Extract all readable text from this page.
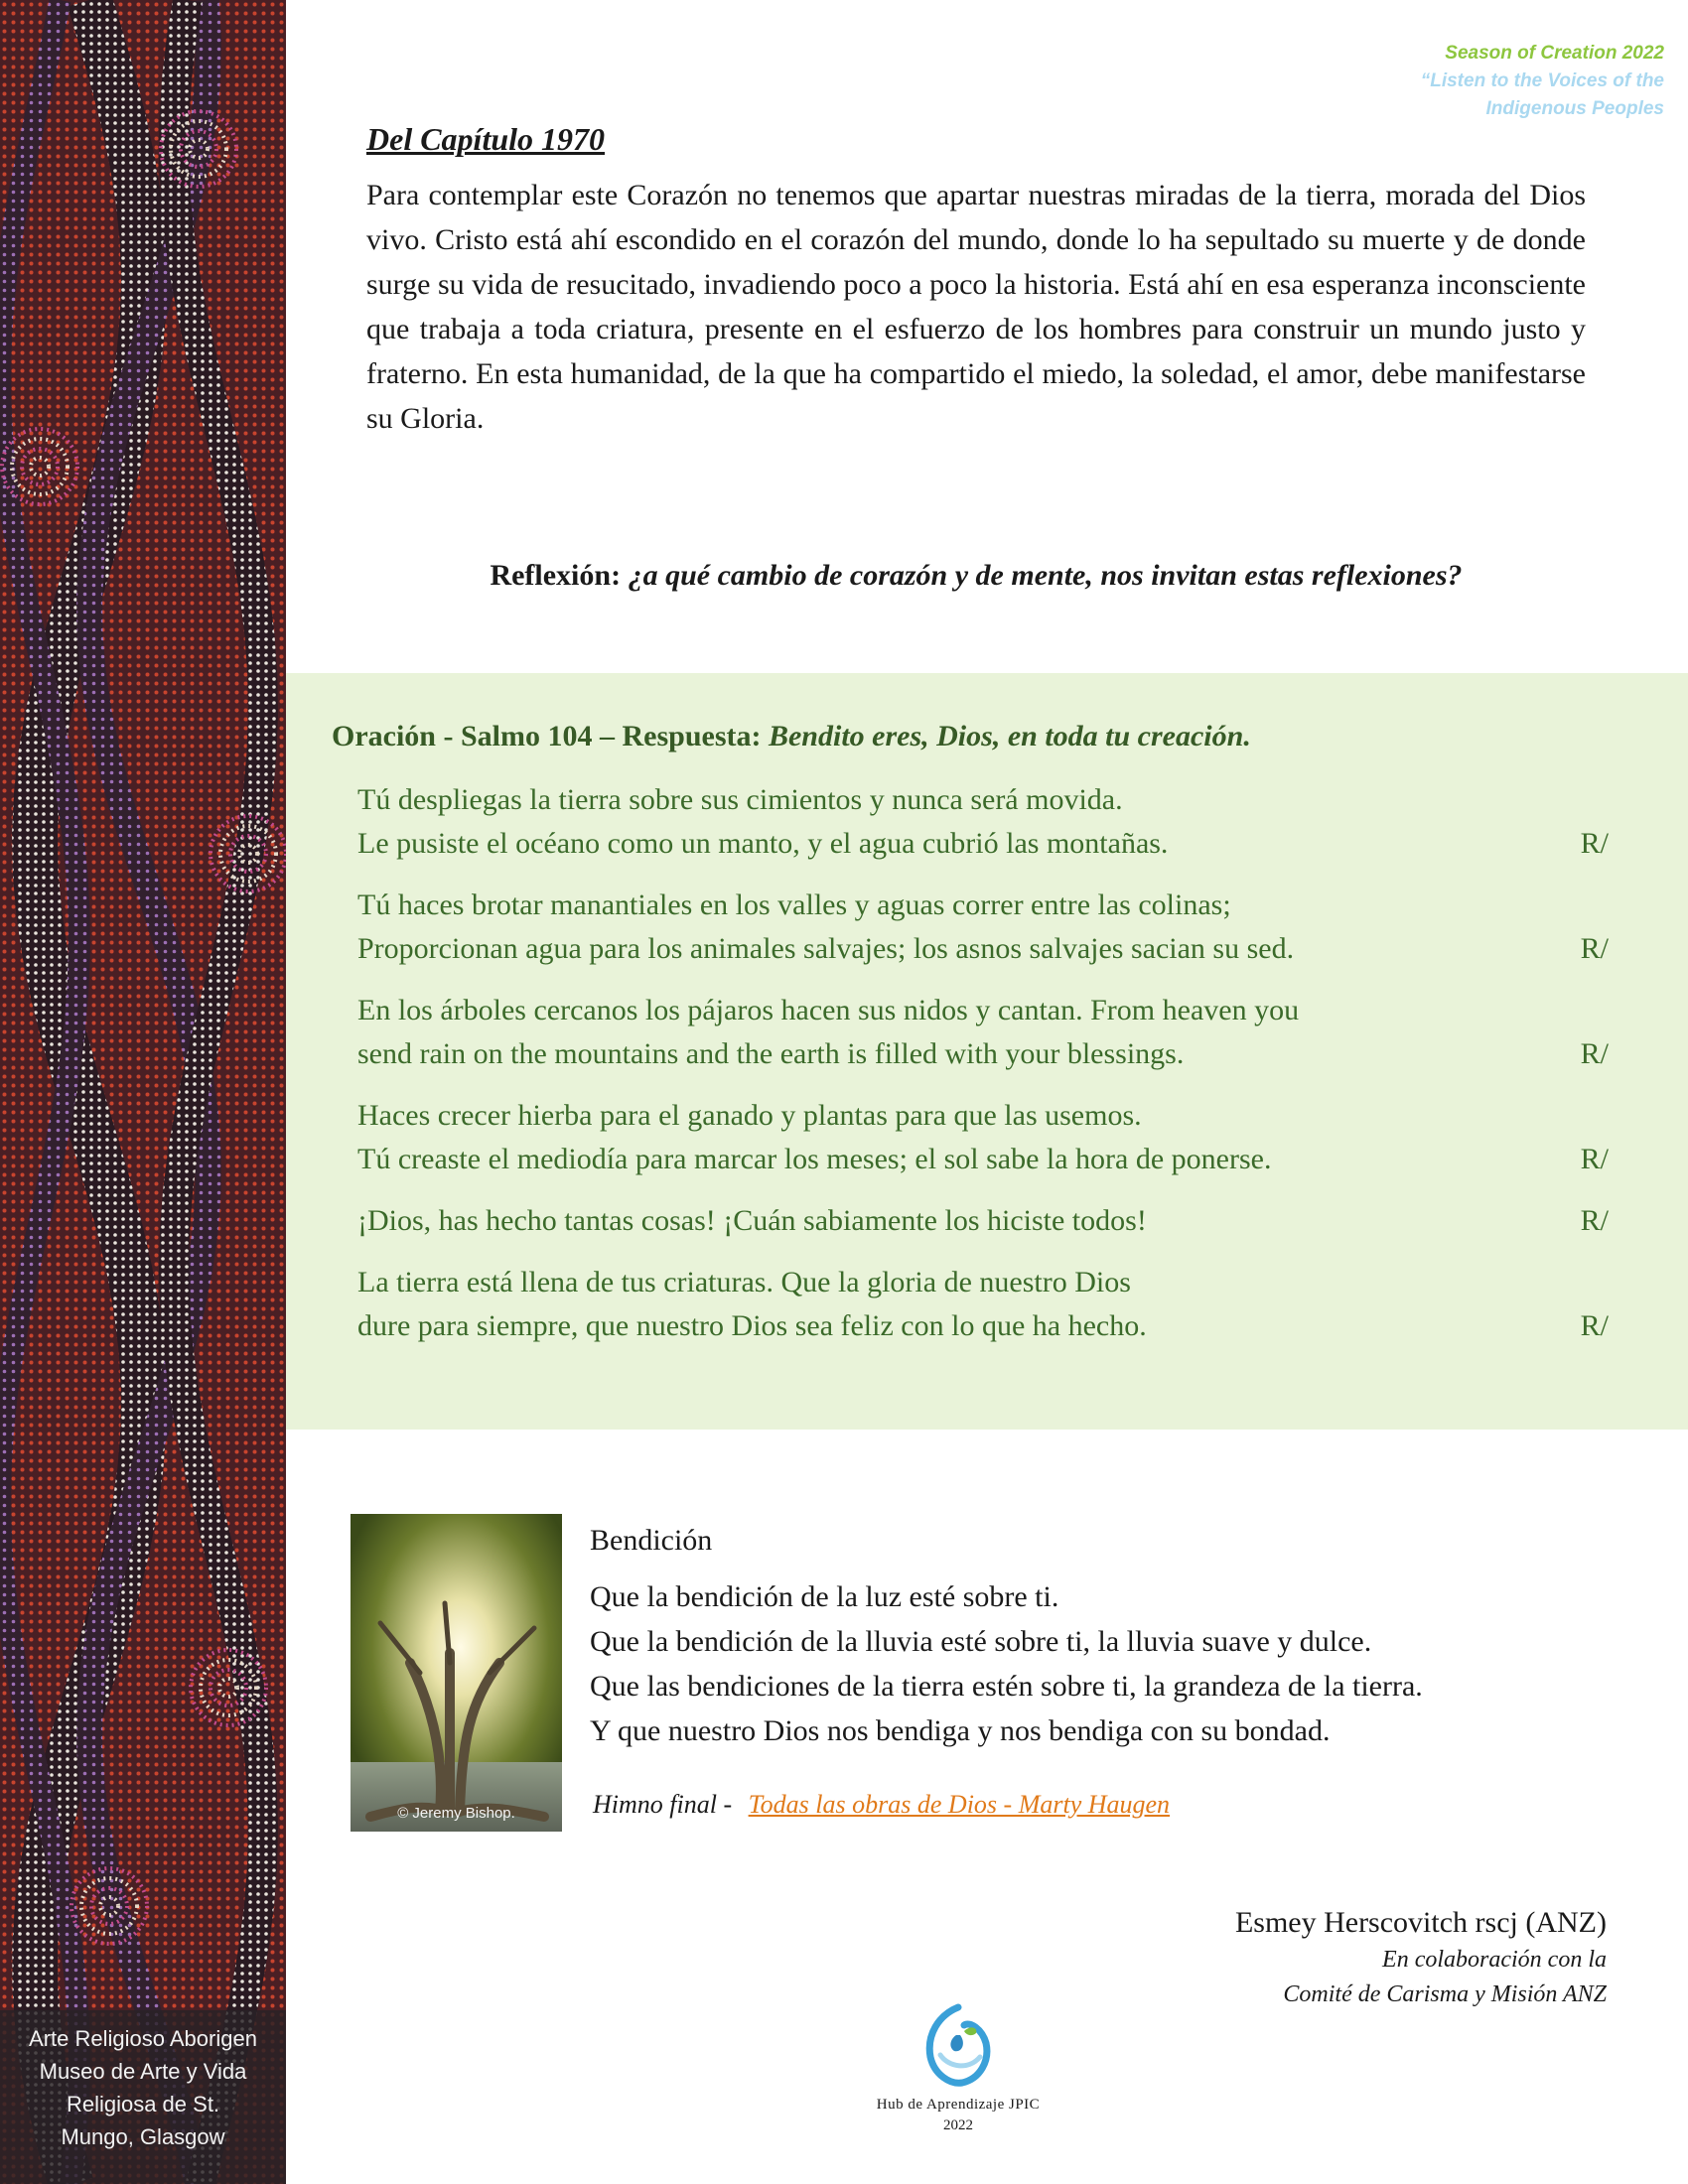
Arte Religioso Aborigen
Museo de Arte y Vida
Religiosa de St.
Mungo, Glasgow
Season of Creation 2022
“Listen to the Voices of the
Indigenous Peoples
Del Capítulo 1970

Para contemplar este Corazón no tenemos que apartar nuestras miradas de la tierra, morada del Dios vivo. Cristo está ahí escondido en el corazón del mundo, donde lo ha sepultado su muerte y de donde surge su vida de resucitado, invadiendo poco a poco la historia. Está ahí en esa esperanza inconsciente que trabaja a toda criatura, presente en el esfuerzo de los hombres para construir un mundo justo y fraterno. En esta humanidad, de la que ha compartido el miedo, la soledad, el amor, debe manifestarse su Gloria.

Reflexión: ¿a qué cambio de corazón y de mente, nos invitan estas reflexiones?
Oración - Salmo 104 – Respuesta: Bendito eres, Dios, en toda tu creación.
Tú despliegas la tierra sobre sus cimientos y nunca será movida.
Le pusiste el océano como un manto, y el agua cubrió las montañas.	R/
Tú haces brotar manantiales en los valles y aguas correr entre las colinas;
Proporcionan agua para los animales salvajes; los asnos salvajes sacian su sed.	R/
En los árboles cercanos los pájaros hacen sus nidos y cantan. From heaven you
send rain on the mountains and the earth is filled with your blessings.	R/
Haces crecer hierba para el ganado y plantas para que las usemos.
Tú creaste el mediodía para marcar los meses; el sol sabe la hora de ponerse.	R/
¡Dios, has hecho tantas cosas! ¡Cuán sabiamente los hiciste todos!	R/
La tierra está llena de tus criaturas. Que la gloria de nuestro Dios
dure para siempre, que nuestro Dios sea feliz con lo que ha hecho.	R/
© Jeremy Bishop.
Bendición
Que la bendición de la luz esté sobre ti.
Que la bendición de la lluvia esté sobre ti, la lluvia suave y dulce.
Que las bendiciones de la tierra estén sobre ti, la grandeza de la tierra.
Y que nuestro Dios nos bendiga y nos bendiga con su bondad.
Himno final - Todas las obras de Dios - Marty Haugen
Esmey Herscovitch rscj (ANZ)
En colaboración con la
Comité de Carisma y Misión ANZ
Hub de Aprendizaje JPIC
2022
